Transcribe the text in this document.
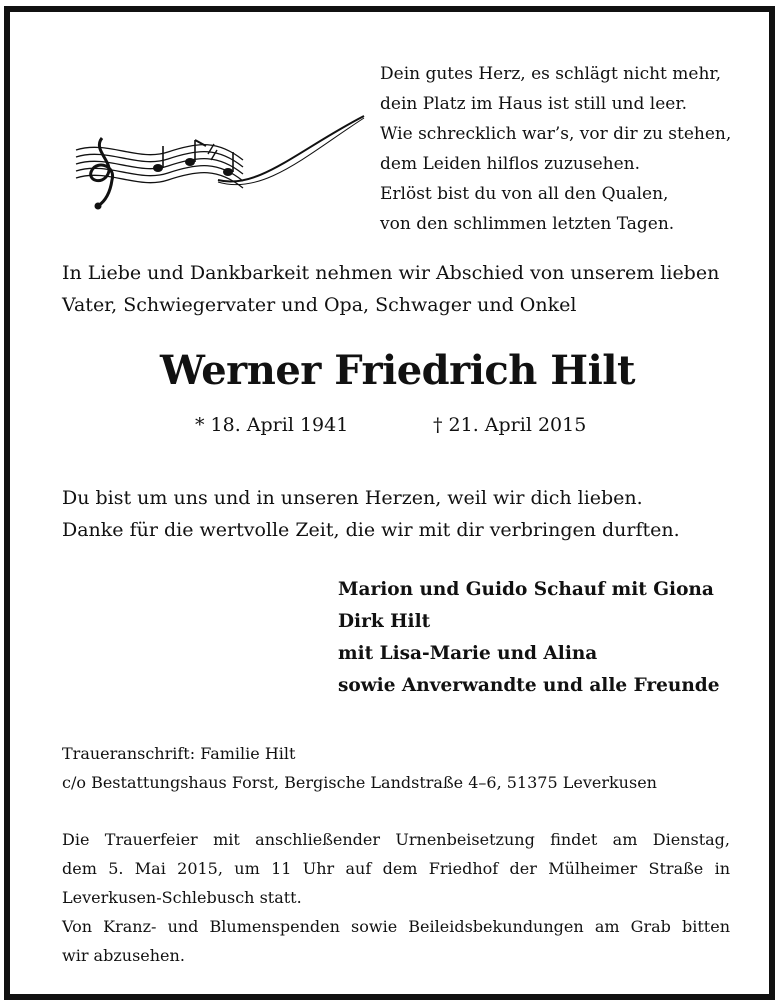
Dein gutes Herz, es schlägt nicht mehr,
dein Platz im Haus ist still und leer.
Wie schrecklich war’s, vor dir zu stehen,
dem Leiden hilflos zuzusehen.
Erlöst bist du von all den Qualen,
von den schlimmen letzten Tagen.
In Liebe und Dankbarkeit nehmen wir Abschied von unserem lieben
Vater, Schwiegervater und Opa, Schwager und Onkel
Werner Friedrich Hilt
* 18. April 1941	† 21. April 2015
Du bist um uns und in unseren Herzen, weil wir dich lieben.
Danke für die wertvolle Zeit, die wir mit dir verbringen durften.
Marion und Guido Schauf mit Giona
Dirk Hilt
mit Lisa-Marie und Alina
sowie Anverwandte und alle Freunde
Traueranschrift: Familie Hilt
c/o Bestattungshaus Forst, Bergische Landstraße 4–6, 51375 Leverkusen
Die Trauerfeier mit anschließender Urnenbeisetzung findet am Dienstag,
dem 5. Mai 2015, um 11 Uhr auf dem Friedhof der Mülheimer Straße in
Leverkusen-Schlebusch statt.
Von Kranz- und Blumenspenden sowie Beileidsbekundungen am Grab bitten
wir abzusehen.
